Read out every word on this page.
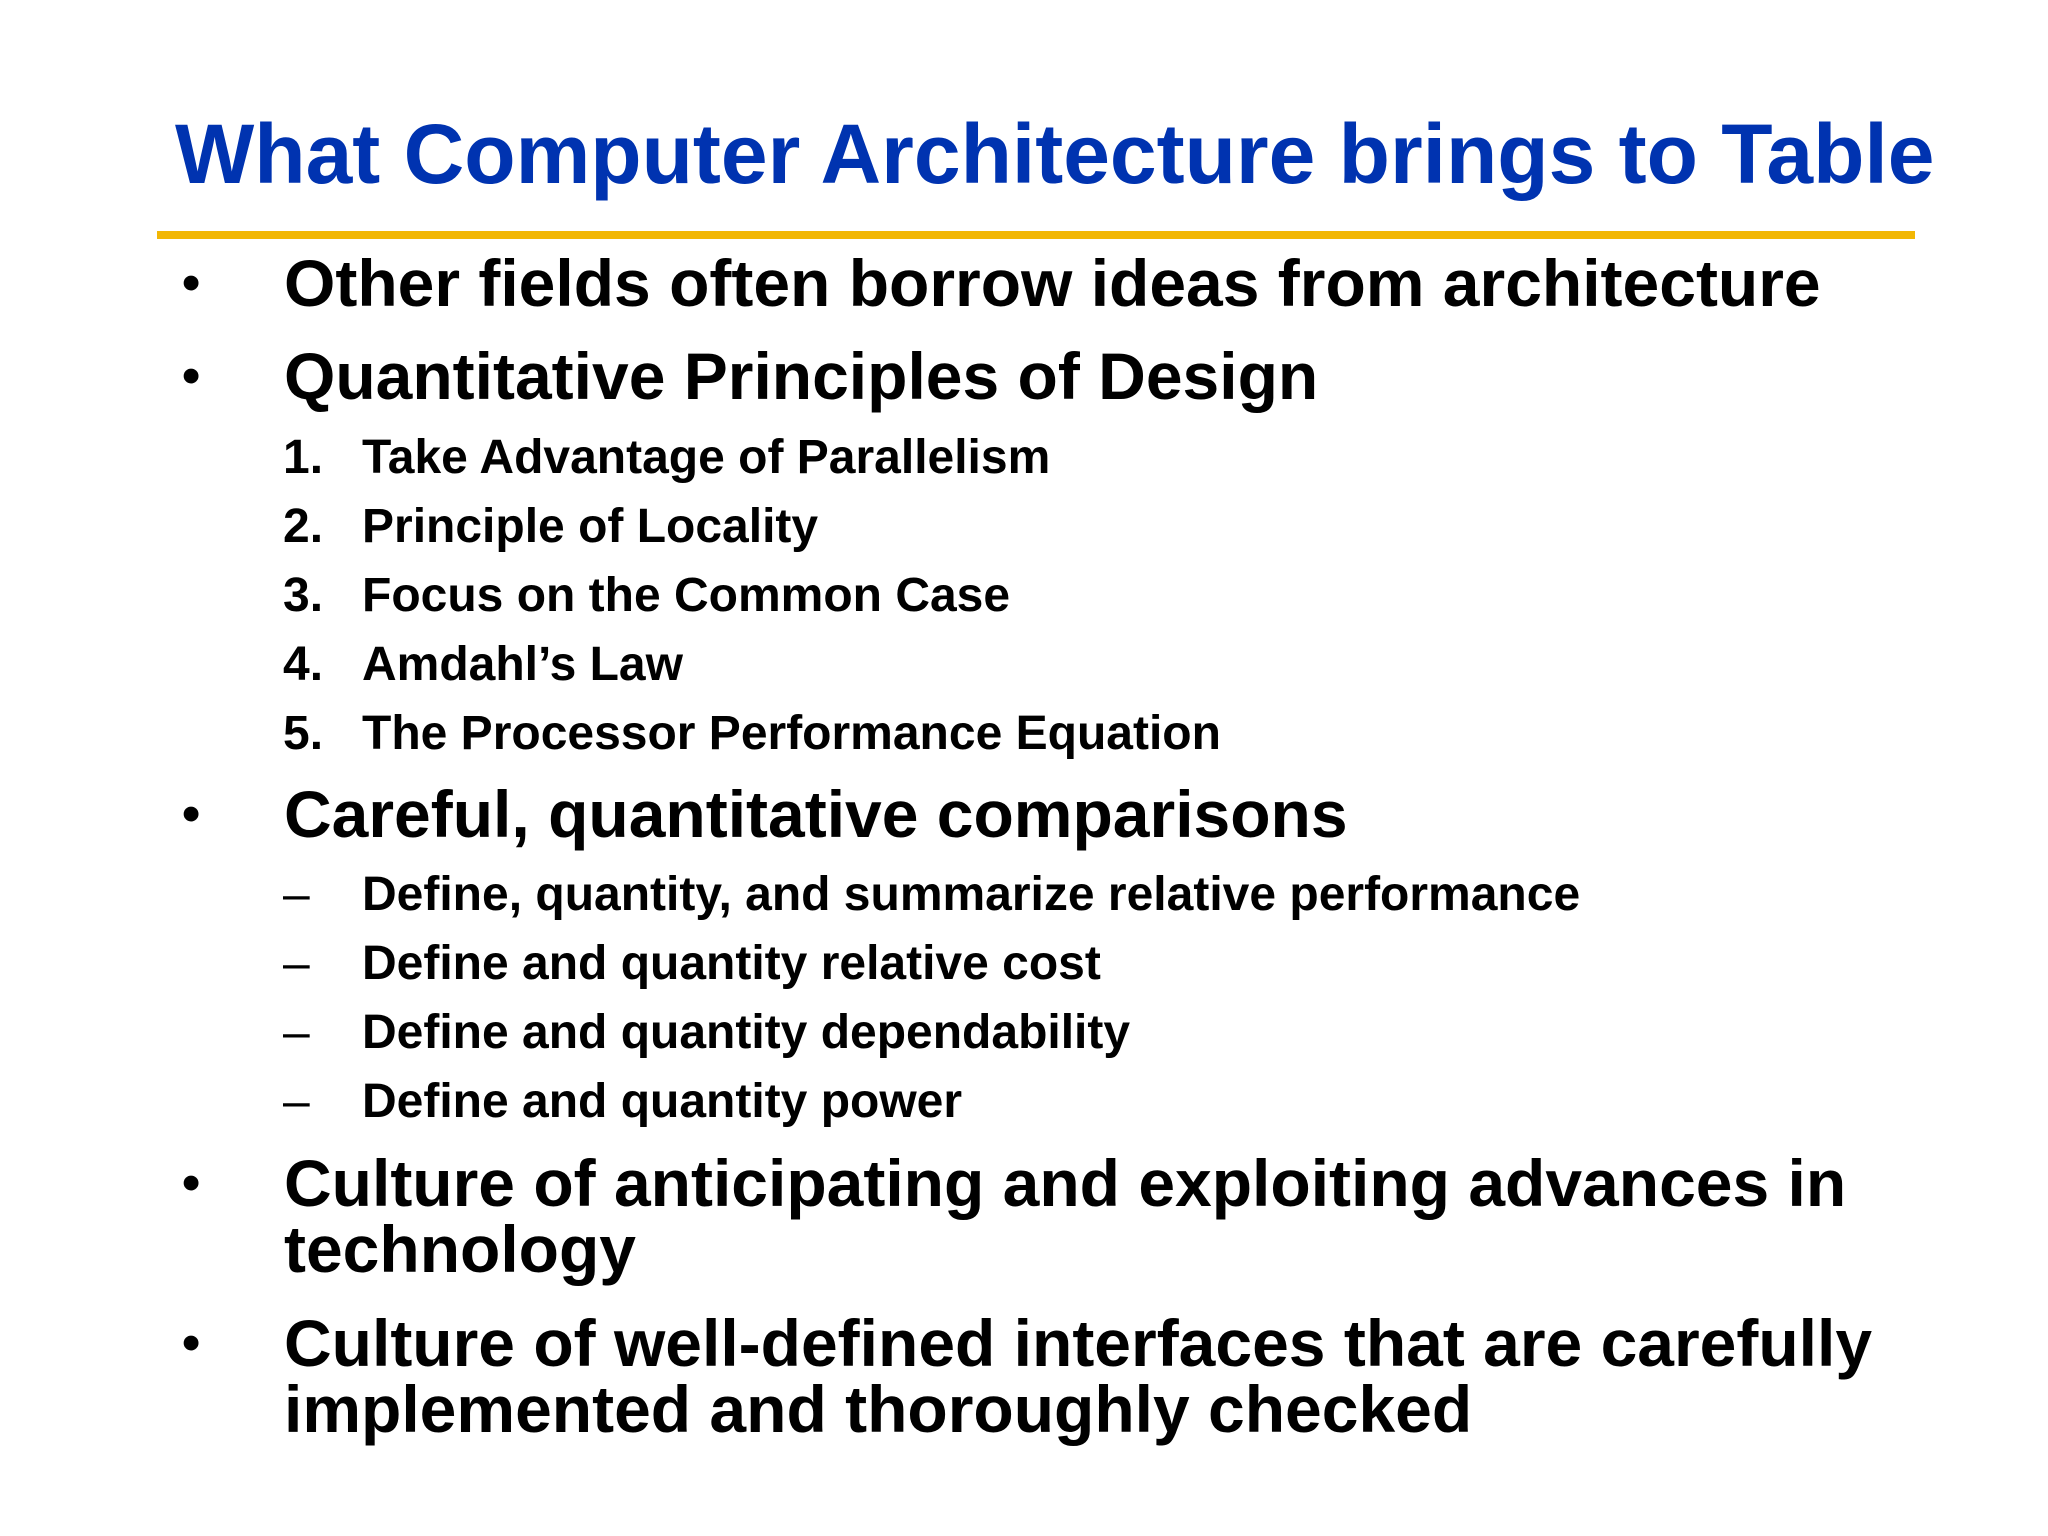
What Computer Architecture brings to Table
• Other fields often borrow ideas from architecture
• Quantitative Principles of Design
1. Take Advantage of Parallelism
2. Principle of Locality
3. Focus on the Common Case
4. Amdahl’s Law
5. The Processor Performance Equation
• Careful, quantitative comparisons
– Define, quantity, and summarize relative performance
– Define and quantity relative cost
– Define and quantity dependability
– Define and quantity power
• Culture of anticipating and exploiting advances in
technology
• Culture of well-defined interfaces that are carefully
implemented and thoroughly checked
